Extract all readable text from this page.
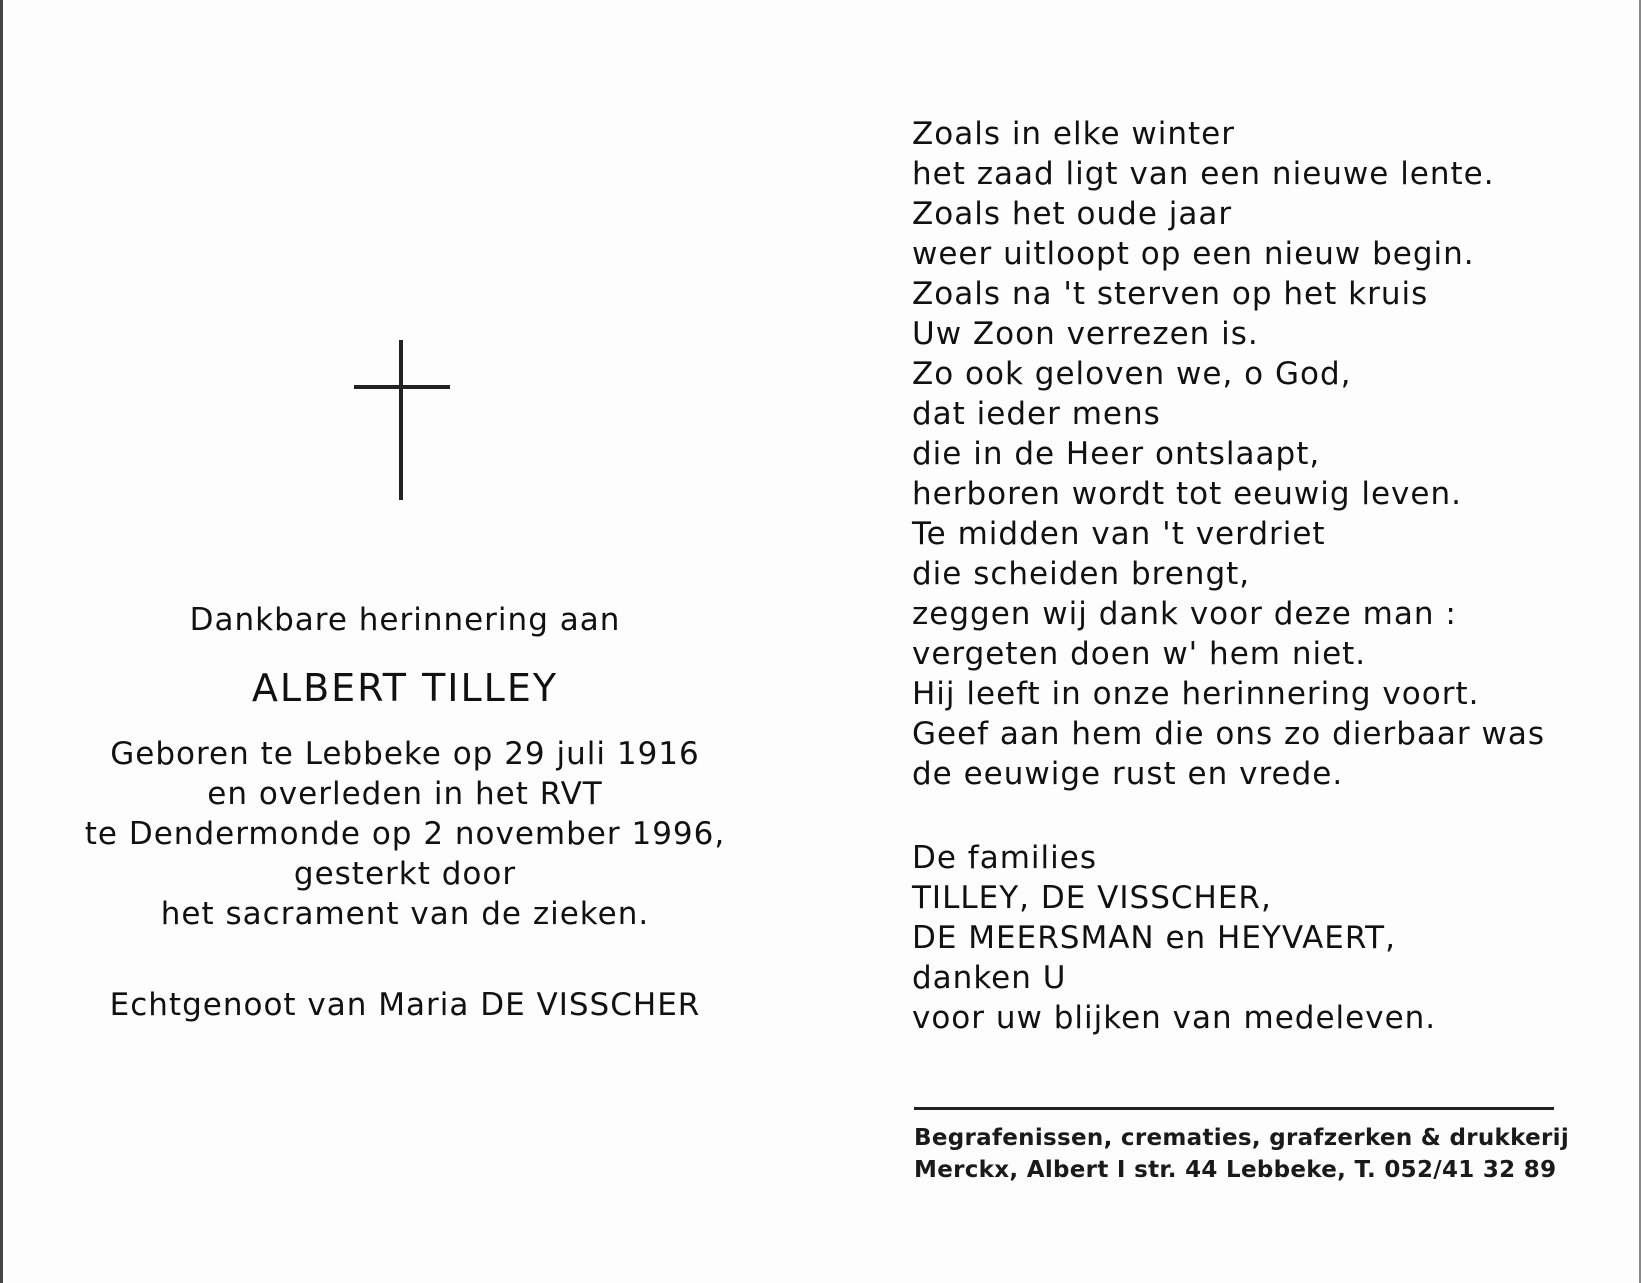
Dankbare herinnering aan
ALBERT TILLEY
Geboren te Lebbeke op 29 juli 1916
en overleden in het RVT
te Dendermonde op 2 november 1996,
gesterkt door
het sacrament van de zieken.
Echtgenoot van Maria DE VISSCHER
Zoals in elke winter
het zaad ligt van een nieuwe lente.
Zoals het oude jaar
weer uitloopt op een nieuw begin.
Zoals na 't sterven op het kruis
Uw Zoon verrezen is.
Zo ook geloven we, o God,
dat ieder mens
die in de Heer ontslaapt,
herboren wordt tot eeuwig leven.
Te midden van 't verdriet
die scheiden brengt,
zeggen wij dank voor deze man :
vergeten doen w' hem niet.
Hij leeft in onze herinnering voort.
Geef aan hem die ons zo dierbaar was
de eeuwige rust en vrede.
De families
TILLEY, DE VISSCHER,
DE MEERSMAN en HEYVAERT,
danken U
voor uw blijken van medeleven.
Begrafenissen, crematies, grafzerken & drukkerij
Merckx, Albert I str. 44 Lebbeke, T. 052/41 32 89
